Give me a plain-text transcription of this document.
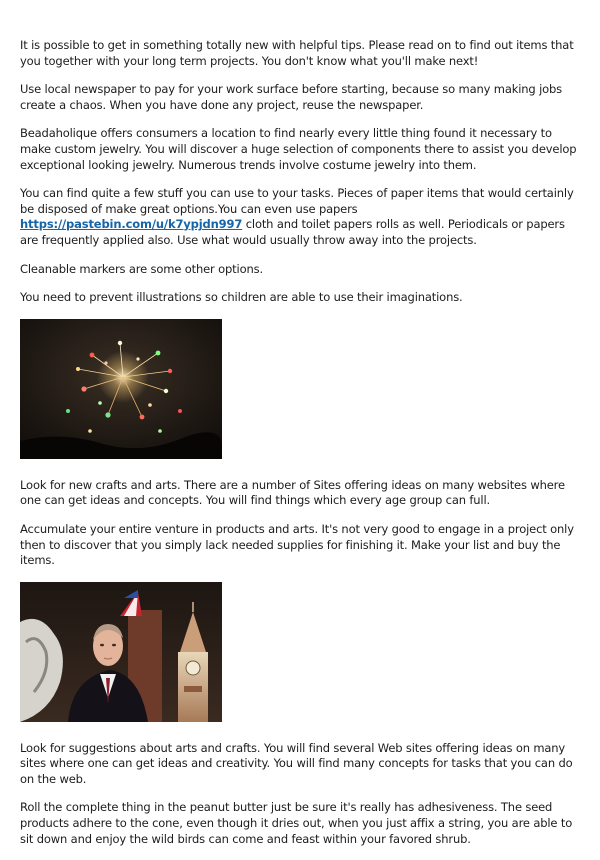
It is possible to get in something totally new with helpful tips. Please read on to find out items that you together with your long term projects. You don't know what you'll make next!

Use local newspaper to pay for your work surface before starting, because so many making jobs create a chaos. When you have done any project, reuse the newspaper.

Beadaholique offers consumers a location to find nearly every little thing found it necessary to make custom jewelry. You will discover a huge selection of components there to assist you develop exceptional looking jewelry. Numerous trends involve costume jewelry into them.

You can find quite a few stuff you can use to your tasks. Pieces of paper items that would certainly be disposed of make great options.You can even use papers https://pastebin.com/u/k7ypjdn997 cloth and toilet papers rolls as well. Periodicals or papers are frequently applied also. Use what would usually throw away into the projects.

Cleanable markers are some other options.

You need to prevent illustrations so children are able to use their imaginations.

Look for new crafts and arts. There are a number of Sites offering ideas on many websites where one can get ideas and concepts. You will find things which every age group can full.

Accumulate your entire venture in products and arts. It's not very good to engage in a project only then to discover that you simply lack needed supplies for finishing it. Make your list and buy the items.

Look for suggestions about arts and crafts. You will find several Web sites offering ideas on many sites where one can get ideas and creativity. You will find many concepts for tasks that you can do on the web.

Roll the complete thing in the peanut butter just be sure it's really has adhesiveness. The seed products adhere to the cone, even though it dries out, when you just affix a string, you are able to sit down and enjoy the wild birds can come and feast within your favored shrub.
